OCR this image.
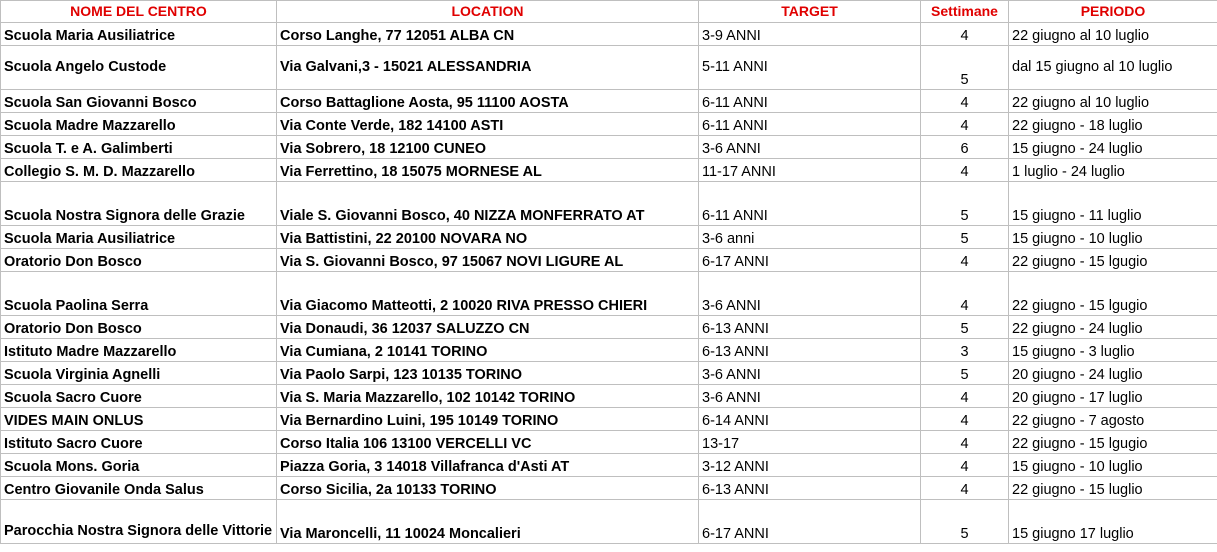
NOME DEL CENTRO	LOCATION	TARGET	Settimane	PERIODO
Scuola Maria Ausiliatrice	Corso Langhe, 77 12051 ALBA CN	3-9 ANNI	4	22 giugno al 10 luglio
Scuola Angelo Custode	Via Galvani,3 - 15021 ALESSANDRIA	5-11 ANNI	5	dal 15 giugno al 10 luglio
Scuola San Giovanni Bosco	Corso Battaglione Aosta, 95 11100 AOSTA	6-11 ANNI	4	22 giugno al 10 luglio
Scuola Madre Mazzarello	Via Conte Verde, 182 14100 ASTI	6-11 ANNI	4	22 giugno - 18 luglio
Scuola T. e A. Galimberti	Via Sobrero, 18 12100 CUNEO	3-6 ANNI	6	15 giugno - 24 luglio
Collegio S. M. D. Mazzarello	Via Ferrettino, 18 15075 MORNESE AL	11-17 ANNI	4	1 luglio - 24 luglio
Scuola Nostra Signora delle Grazie	Viale S. Giovanni Bosco, 40 NIZZA MONFERRATO AT	6-11 ANNI	5	15 giugno - 11 luglio
Scuola Maria Ausiliatrice	Via Battistini, 22 20100 NOVARA NO	3-6 anni	5	15 giugno - 10 luglio
Oratorio Don Bosco	Via S. Giovanni Bosco, 97 15067 NOVI LIGURE AL	6-17 ANNI	4	22 giugno - 15 lgugio
Scuola Paolina Serra	Via Giacomo Matteotti, 2 10020 RIVA PRESSO CHIERI	3-6 ANNI	4	22 giugno - 15 lgugio
Oratorio Don Bosco	Via Donaudi, 36 12037 SALUZZO CN	6-13 ANNI	5	22 giugno - 24 luglio
Istituto Madre Mazzarello	Via Cumiana, 2 10141 TORINO	6-13 ANNI	3	15 giugno - 3 luglio
Scuola Virginia Agnelli	Via Paolo Sarpi, 123 10135 TORINO	3-6 ANNI	5	20 giugno - 24 luglio
Scuola Sacro Cuore	Via S. Maria Mazzarello, 102 10142 TORINO	3-6 ANNI	4	20 giugno - 17 luglio
VIDES MAIN ONLUS	Via Bernardino Luini, 195 10149 TORINO	6-14 ANNI	4	22 giugno - 7 agosto
Istituto Sacro Cuore	Corso Italia 106 13100 VERCELLI VC	13-17	4	22 giugno - 15 lgugio
Scuola Mons. Goria	Piazza Goria, 3 14018 Villafranca d'Asti AT	3-12 ANNI	4	15 giugno - 10 luglio
Centro Giovanile Onda Salus	Corso Sicilia, 2a 10133 TORINO	6-13 ANNI	4	22 giugno - 15 luglio
Parocchia Nostra Signora delle Vittorie	Via Maroncelli, 11 10024 Moncalieri	6-17 ANNI	5	15 giugno 17 luglio
